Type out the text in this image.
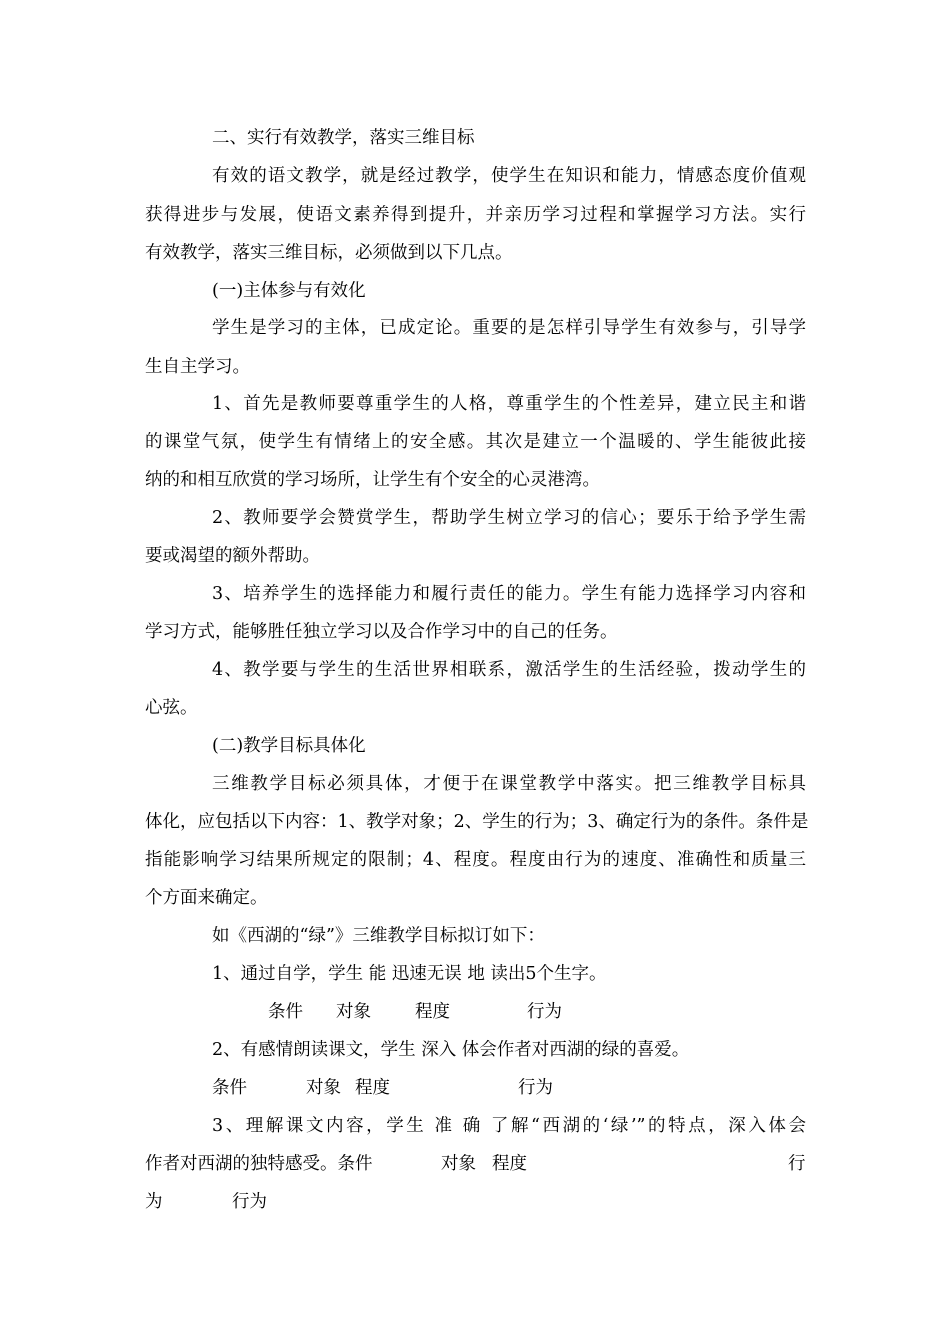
二、实行有效教学，落实三维目标
有效的语文教学，就是经过教学，使学生在知识和能力，情感态度价值观
获得进步与发展，使语文素养得到提升，并亲历学习过程和掌握学习方法。实行
有效教学，落实三维目标，必须做到以下几点。
(一)主体参与有效化
学生是学习的主体，已成定论。重要的是怎样引导学生有效参与，引导学
生自主学习。
1、首先是教师要尊重学生的人格，尊重学生的个性差异，建立民主和谐
的课堂气氛，使学生有情绪上的安全感。其次是建立一个温暖的、学生能彼此接
纳的和相互欣赏的学习场所，让学生有个安全的心灵港湾。
2、教师要学会赞赏学生，帮助学生树立学习的信心；要乐于给予学生需
要或渴望的额外帮助。
3、培养学生的选择能力和履行责任的能力。学生有能力选择学习内容和
学习方式，能够胜任独立学习以及合作学习中的自己的任务。
4、教学要与学生的生活世界相联系，激活学生的生活经验，拨动学生的
心弦。
(二)教学目标具体化
三维教学目标必须具体，才便于在课堂教学中落实。把三维教学目标具
体化，应包括以下内容：1、教学对象；2、学生的行为；3、确定行为的条件。条件是
指能影响学习结果所规定的限制；4、程度。程度由行为的速度、准确性和质量三
个方面来确定。
如《西湖的“绿”》三维教学目标拟订如下：
1、通过自学，学生 能 迅速无误 地 读出5个生字。
条件 对象	程度	行为
2、有感情朗读课文，学生 深入 体会作者对西湖的绿的喜爱。
条件	对象 程度	行为
3、理解课文内容，学生 准 确 了解“西湖的‘绿’”的特点，深入体会
作者对西湖的独特感受。条件	对象 程度	行
为	行为
